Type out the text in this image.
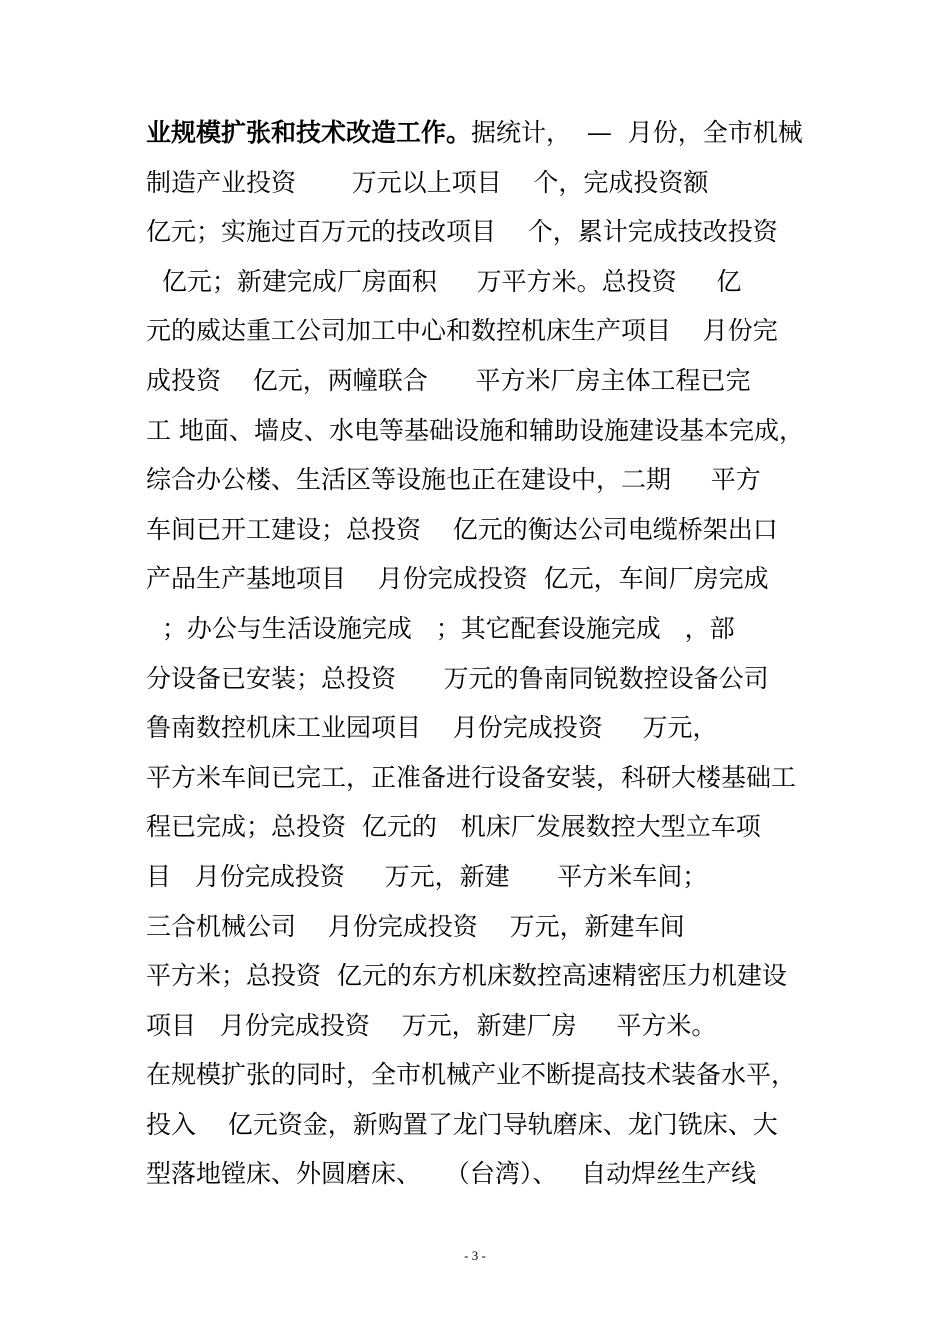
业规模扩张和技术改造工作。据统计，  —  月份，全市机械
制造产业投资       万元以上项目    个，完成投资额
亿元；实施过百万元的技改项目    个，累计完成技改投资
亿元；新建完成厂房面积     万平方米。总投资     亿
元的威达重工公司加工中心和数控机床生产项目    月份完
成投资    亿元，两幢联合      平方米厂房主体工程已完
工 地面、墙皮、水电等基础设施和辅助设施建设基本完成，
综合办公楼、生活区等设施也正在建设中，二期     平方
车间已开工建设；总投资    亿元的衡达公司电缆桥架出口
产品生产基地项目    月份完成投资  亿元，车间厂房完成
；办公与生活设施完成   ；其它配套设施完成   ，部
分设备已安装；总投资      万元的鲁南同锐数控设备公司
鲁南数控机床工业园项目    月份完成投资     万元，
平方米车间已完工，正准备进行设备安装，科研大楼基础工
程已完成；总投资  亿元的   机床厂发展数控大型立车项
目   月份完成投资     万元，新建      平方米车间；
三合机械公司    月份完成投资    万元，新建车间
平方米；总投资  亿元的东方机床数控高速精密压力机建设
项目   月份完成投资    万元，新建厂房     平方米。
在规模扩张的同时，全市机械产业不断提高技术装备水平，
投入    亿元资金，新购置了龙门导轨磨床、龙门铣床、大
型落地镗床、外圆磨床、   （台湾）、   自动焊丝生产线
- 3 -
